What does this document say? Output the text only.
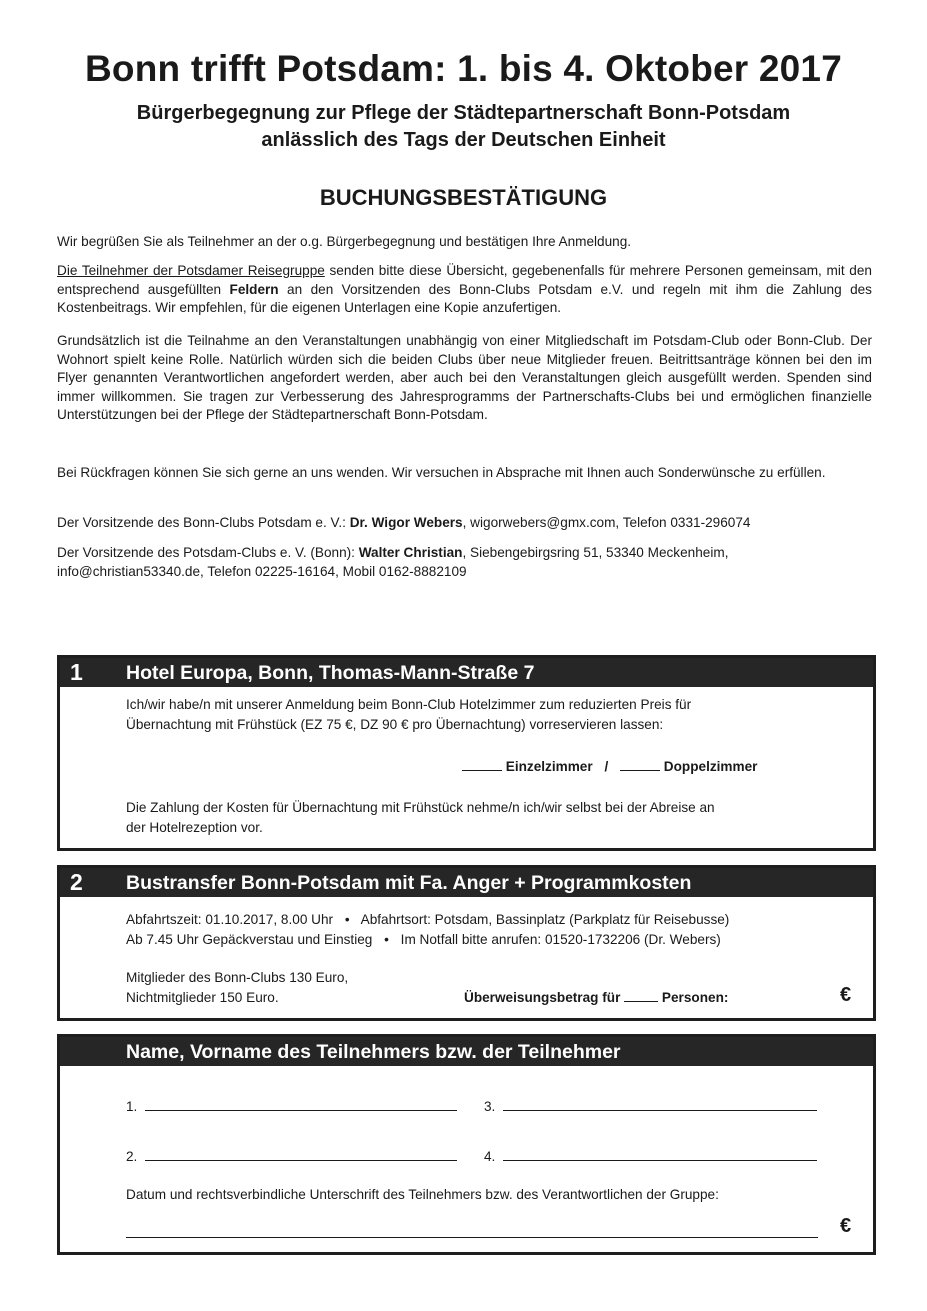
Bonn trifft Potsdam: 1. bis 4. Oktober 2017
Bürgerbegegnung zur Pflege der Städtepartnerschaft Bonn-Potsdam
anlässlich des Tags der Deutschen Einheit
BUCHUNGSBESTÄTIGUNG
Wir begrüßen Sie als Teilnehmer an der o.g. Bürgerbegegnung und bestätigen Ihre Anmeldung.
Die Teilnehmer der Potsdamer Reisegruppe senden bitte diese Übersicht, gegebenenfalls für mehrere Personen gemeinsam, mit den entsprechend ausgefüllten Feldern an den Vorsitzenden des Bonn-Clubs Potsdam e.V. und regeln mit ihm die Zahlung des Kostenbeitrags. Wir empfehlen, für die eigenen Unterlagen eine Kopie anzufertigen.
Grundsätzlich ist die Teilnahme an den Veranstaltungen unabhängig von einer Mitgliedschaft im Potsdam-Club oder Bonn-Club. Der Wohnort spielt keine Rolle. Natürlich würden sich die beiden Clubs über neue Mitglieder freuen. Beitrittsanträge können bei den im Flyer genannten Verantwortlichen angefordert werden, aber auch bei den Veranstaltungen gleich ausgefüllt werden. Spenden sind immer willkommen. Sie tragen zur Verbesserung des Jahresprogramms der Partnerschafts-Clubs bei und ermöglichen finanzielle Unterstützungen bei der Pflege der Städtepartnerschaft Bonn-Potsdam.
Bei Rückfragen können Sie sich gerne an uns wenden. Wir versuchen in Absprache mit Ihnen auch Sonderwünsche zu erfüllen.
Der Vorsitzende des Bonn-Clubs Potsdam e. V.: Dr. Wigor Webers, wigorwebers@gmx.com, Telefon 0331-296074
Der Vorsitzende des Potsdam-Clubs e. V. (Bonn): Walter Christian, Siebengebirgsring 51, 53340 Meckenheim, info@christian53340.de, Telefon 02225-16164, Mobil 0162-8882109
1 Hotel Europa, Bonn, Thomas-Mann-Straße 7
Ich/wir habe/n mit unserer Anmeldung beim Bonn-Club Hotelzimmer zum reduzierten Preis für
Übernachtung mit Frühstück (EZ 75 €, DZ 90 € pro Übernachtung) vorreservieren lassen:
Einzelzimmer /	Doppelzimmer
Die Zahlung der Kosten für Übernachtung mit Frühstück nehme/n ich/wir selbst bei der Abreise an
der Hotelrezeption vor.
2 Bustransfer Bonn-Potsdam mit Fa. Anger + Programmkosten
Abfahrtszeit: 01.10.2017, 8.00 Uhr • Abfahrtsort: Potsdam, Bassinplatz (Parkplatz für Reisebusse)
Ab 7.45 Uhr Gepäckverstau und Einstieg • Im Notfall bitte anrufen: 01520-1732206 (Dr. Webers)
Mitglieder des Bonn-Clubs 130 Euro,
Nichtmitglieder 150 Euro.	Überweisungsbetrag für	Personen:	€
Name, Vorname des Teilnehmers bzw. der Teilnehmer
1.	3.
2.	4.
Datum und rechtsverbindliche Unterschrift des Teilnehmers bzw. des Verantwortlichen der Gruppe:
€
